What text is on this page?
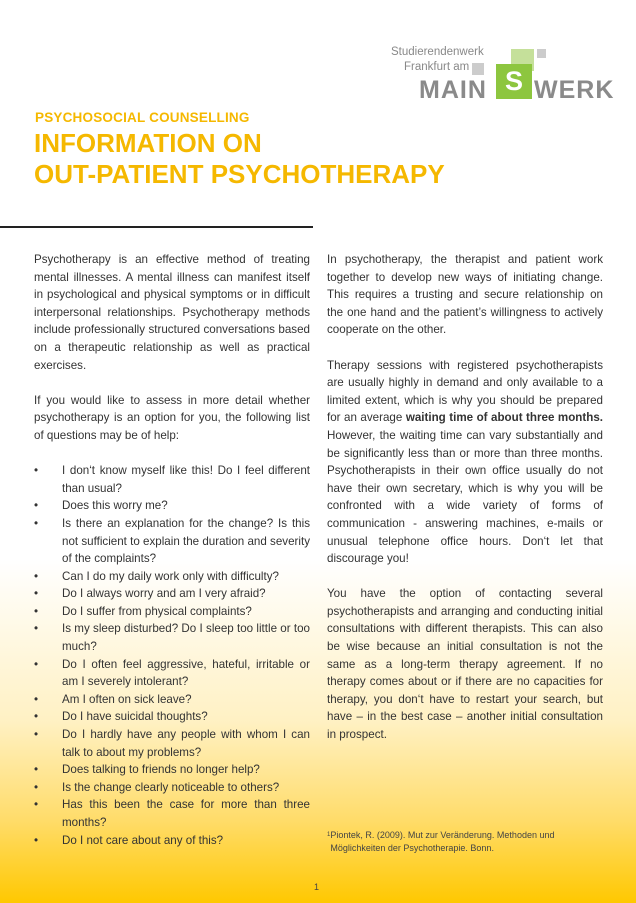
Studierendenwerk
Frankfurt am
MAIN S WERK
PSYCHOSOCIAL COUNSELLING
INFORMATION ON
OUT-PATIENT PSYCHOTHERAPY

Psychotherapy is an effective method of treating mental illnesses. A mental illness can manifest itself in psychological and physical symptoms or in difficult interpersonal relationships. Psychotherapy methods include professionally structured conversations based on a therapeutic relationship as well as practical exercises.

If you would like to assess in more detail whether psychotherapy is an option for you, the following list of questions may be of help:

• I don‘t know myself like this! Do I feel different than usual?
• Does this worry me?
• Is there an explanation for the change? Is this not sufficient to explain the duration and severity of the complaints?
• Can I do my daily work only with difficulty?
• Do I always worry and am I very afraid?
• Do I suffer from physical complaints?
• Is my sleep disturbed? Do I sleep too little or too much?
• Do I often feel aggressive, hateful, irritable or am I severely intolerant?
• Am I often on sick leave?
• Do I have suicidal thoughts?
• Do I hardly have any people with whom I can talk to about my problems?
• Does talking to friends no longer help?
• Is the change clearly noticeable to others?
• Has this been the case for more than three months?
• Do I not care about any of this?

In psychotherapy, the therapist and patient work together to develop new ways of initiating change. This requires a trusting and secure relationship on the one hand and the patient’s willingness to actively cooperate on the other.

Therapy sessions with registered psychotherapists are usually highly in demand and only available to a limited extent, which is why you should be prepared for an average waiting time of about three months. However, the waiting time can vary substantially and be significantly less than or more than three months. Psychotherapists in their own office usually do not have their own secretary, which is why you will be confronted with a wide variety of forms of communication - answering machines, e-mails or unusual telephone office hours. Don‘t let that discourage you!

You have the option of contacting several psychotherapists and arranging and conducting initial consultations with different therapists. This can also be wise because an initial consultation is not the same as a long-term therapy agreement. If no therapy comes about or if there are no capacities for therapy, you don‘t have to restart your search, but have – in the best case – another initial consultation in prospect.

$^1$Piontek, R. (2009). Mut zur Veränderung. Methoden und Möglichkeiten der Psychotherapie. Bonn.
1
